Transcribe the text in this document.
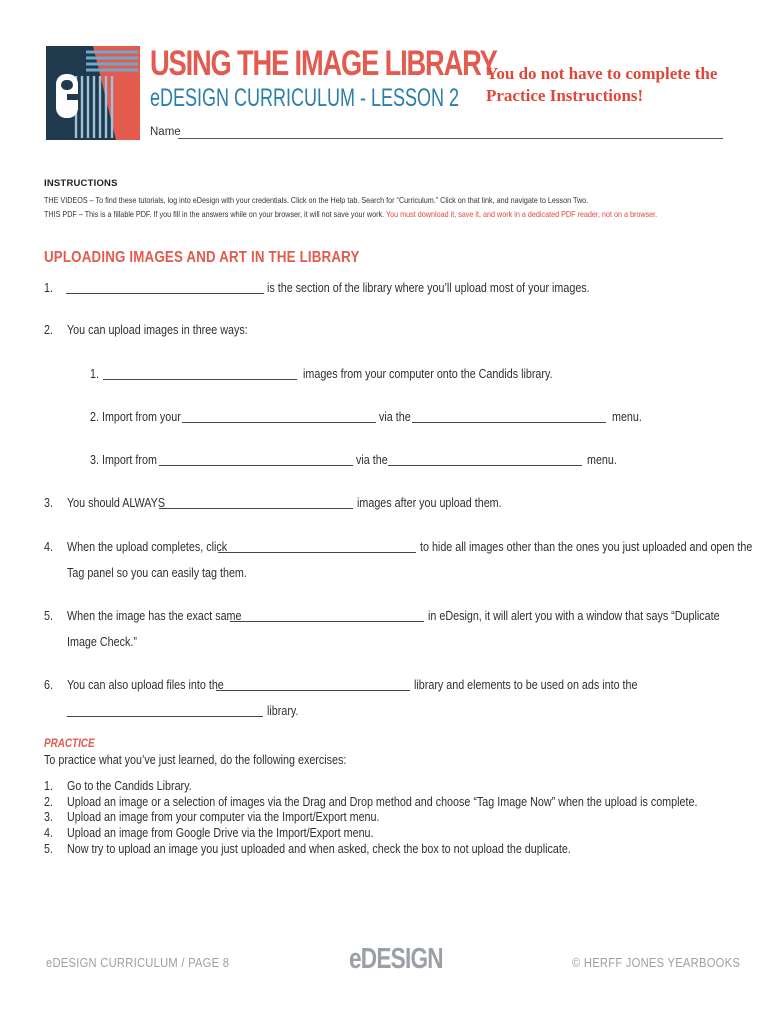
USING THE IMAGE LIBRARY
eDESIGN CURRICULUM - LESSON 2
You do not have to complete the Practice Instructions!
Name
INSTRUCTIONS
THE VIDEOS – To find these tutorials, log into eDesign with your credentials. Click on the Help tab. Search for “Curriculum.” Click on that link, and navigate to Lesson Two.
THIS PDF – This is a fillable PDF. If you fill in the answers while on your browser, it will not save your work. You must download it, save it, and work in a dedicated PDF reader, not on a browser.
UPLOADING IMAGES AND ART IN THE LIBRARY
1.	is the section of the library where you’ll upload most of your images.
2. You can upload images in three ways:
1.	images from your computer onto the Candids library.
2. Import from your	via the	menu.
3. Import from	via the	menu.
3. You should ALWAYS	images after you upload them.
4. When the upload completes, click	to hide all images other than the ones you just uploaded and open the
Tag panel so you can easily tag them.
5. When the image has the exact same	in eDesign, it will alert you with a window that says “Duplicate
Image Check.”
6. You can also upload files into the	library and elements to be used on ads into the
library.
PRACTICE
To practice what you’ve just learned, do the following exercises:
1. Go to the Candids Library.
2. Upload an image or a selection of images via the Drag and Drop method and choose “Tag Image Now” when the upload is complete.
3. Upload an image from your computer via the Import/Export menu.
4. Upload an image from Google Drive via the Import/Export menu.
5. Now try to upload an image you just uploaded and when asked, check the box to not upload the duplicate.
eDESIGN CURRICULUM / PAGE 8	eDESIGN	© HERFF JONES YEARBOOKS
